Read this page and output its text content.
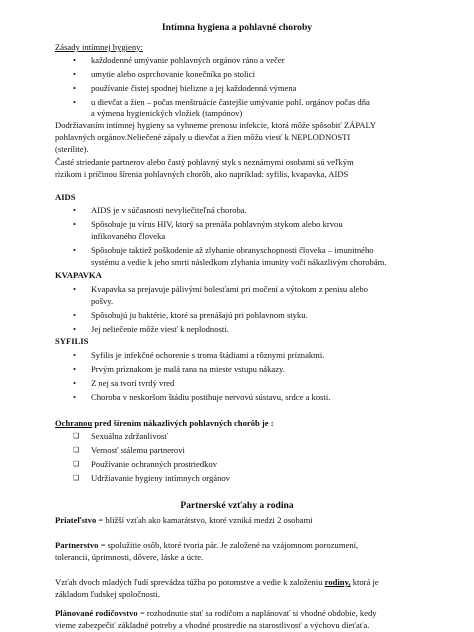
Intímna hygiena a pohlavné choroby
Zásady intímnej hygieny:
• každodenné umývanie pohlavných orgánov ráno a večer
• umytie alebo osprchovanie konečníka po stolici
• používanie čistej spodnej bielizne a jej každodenná výmena
• u dievčat a žien – počas menštruácie častejšie umývanie pohl. orgánov počas dňa
a výmena hygienických vložiek (tampónov)
Dodržiavaním intímnej hygieny sa vyhneme prenosu infekcie, ktorá môže spôsobiť ZÁPALY
pohlavných orgánov.Neliečené zápaly u dievčat a žien môžu viesť k NEPLODNOSTI
(sterilite).
Časté striedanie partnerov alebo častý pohlavný styk s neznámymi osobami sú veľkým
rizikom i príčinou šírenia pohlavných chorôb, ako napríklad: syfilis, kvapavka, AIDS
AIDS
• AIDS je v súčasnosti nevyliečiteľná choroba.
• Spôsobuje ju vírus HIV, ktorý sa prenáša pohlavným stykom alebo krvou
infikovaného človeka
• Spôsobuje taktiež poškodenie až zlyhanie obranyschopnosti človeka – imunitného
systému a vedie k jeho smrti následkom zlyhania imunity voči nákazlivým chorobám.
KVAPAVKA
• Kvapavka sa prejavuje pálivými bolesťami pri močení a výtokom z penisu alebo
pošvy.
• Spôsobujú ju baktérie, ktoré sa prenášajú pri pohlavnom styku.
• Jej neliečenie môže viesť k neplodnosti.
SYFILIS
• Syfilis je infekčné ochorenie s troma štádiami a rôznymi príznakmi.
• Prvým príznakom je malá rana na mieste vstupu nákazy.
• Z nej sa tvorí tvrdý vred
• Choroba v neskoršom štádiu postihuje nervovú sústavu, srdce a kosti.
Ochranou pred šírením nákazlivých pohlavných chorôb je :
❑ Sexuálna zdržanlivosť
❑ Vernosť stálemu partnerovi
❑ Používanie ochranných prostriedkov
❑ Udržiavanie hygieny intímnych orgánov
Partnerské vzťahy a rodina
Priateľstvo = bližší vzťah ako kamarátstvo, ktoré vzniká medzi 2 osobami
Partnerstvo = spolužitie osôb, ktoré tvoria pár. Je založené na vzájomnom porozumení,
tolerancii, úprimnosti, dôvere, láske a úcte.
Vzťah dvoch mladých ľudí sprevádza túžba po potomstve a vedie k založeniu rodiny, ktorá je
základom ľudskej spoločnosti.
Plánované rodičovstvo = rozhodnutie stať sa rodičom a naplánovať si vhodné obdobie, kedy
vieme zabezpečiť základné potreby a vhodné prostredie na starostlivosť a výchovu dieťaťa.
